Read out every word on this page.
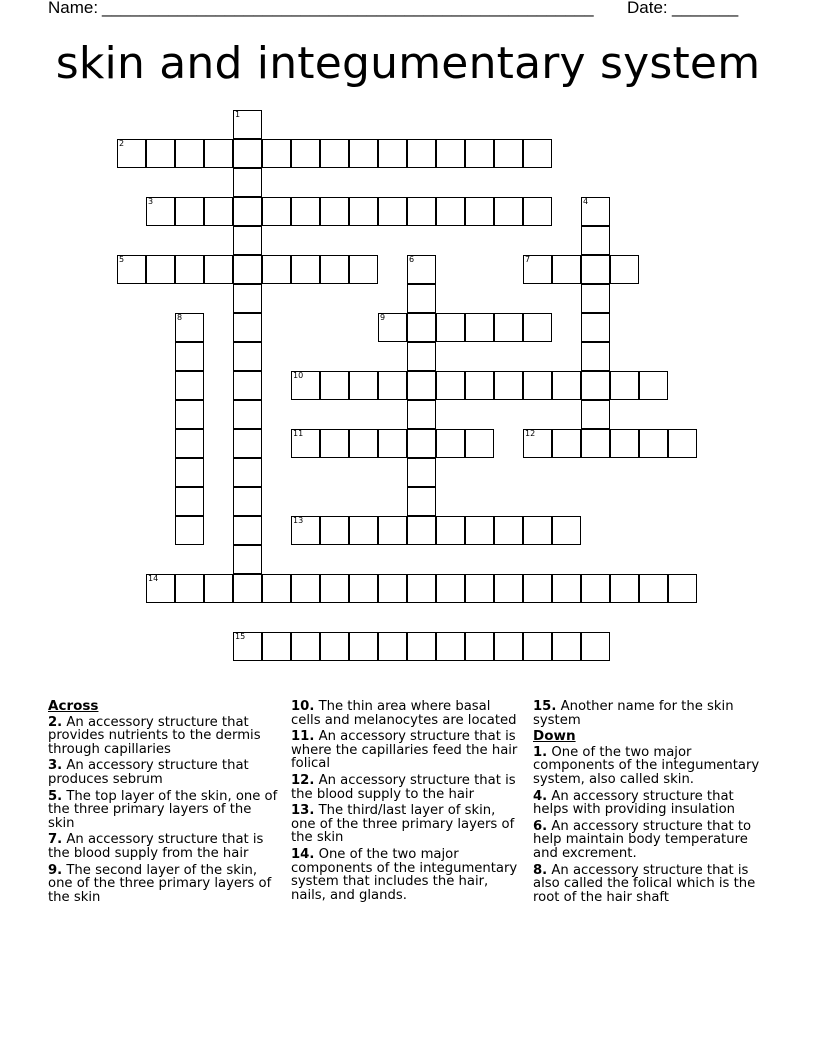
Name: ____________________________________________________ Date: _______
skin and integumentary system
1
2
3	4
5	6	7
8	9
10
11	12
13
14
15
Across
2. An accessory structure that provides nutrients to the dermis through capillaries
3. An accessory structure that produces sebrum
5. The top layer of the skin, one of the three primary layers of the skin
7. An accessory structure that is the blood supply from the hair
9. The second layer of the skin, one of the three primary layers of the skin
10. The thin area where basal cells and melanocytes are located
11. An accessory structure that is where the capillaries feed the hair folical
12. An accessory structure that is the blood supply to the hair
13. The third/last layer of skin, one of the three primary layers of the skin
14. One of the two major components of the integumentary system that includes the hair, nails, and glands.
15. Another name for the skin system
Down
1. One of the two major components of the integumentary system, also called skin.
4. An accessory structure that helps with providing insulation
6. An accessory structure that to help maintain body temperature and excrement.
8. An accessory structure that is also called the folical which is the root of the hair shaft
